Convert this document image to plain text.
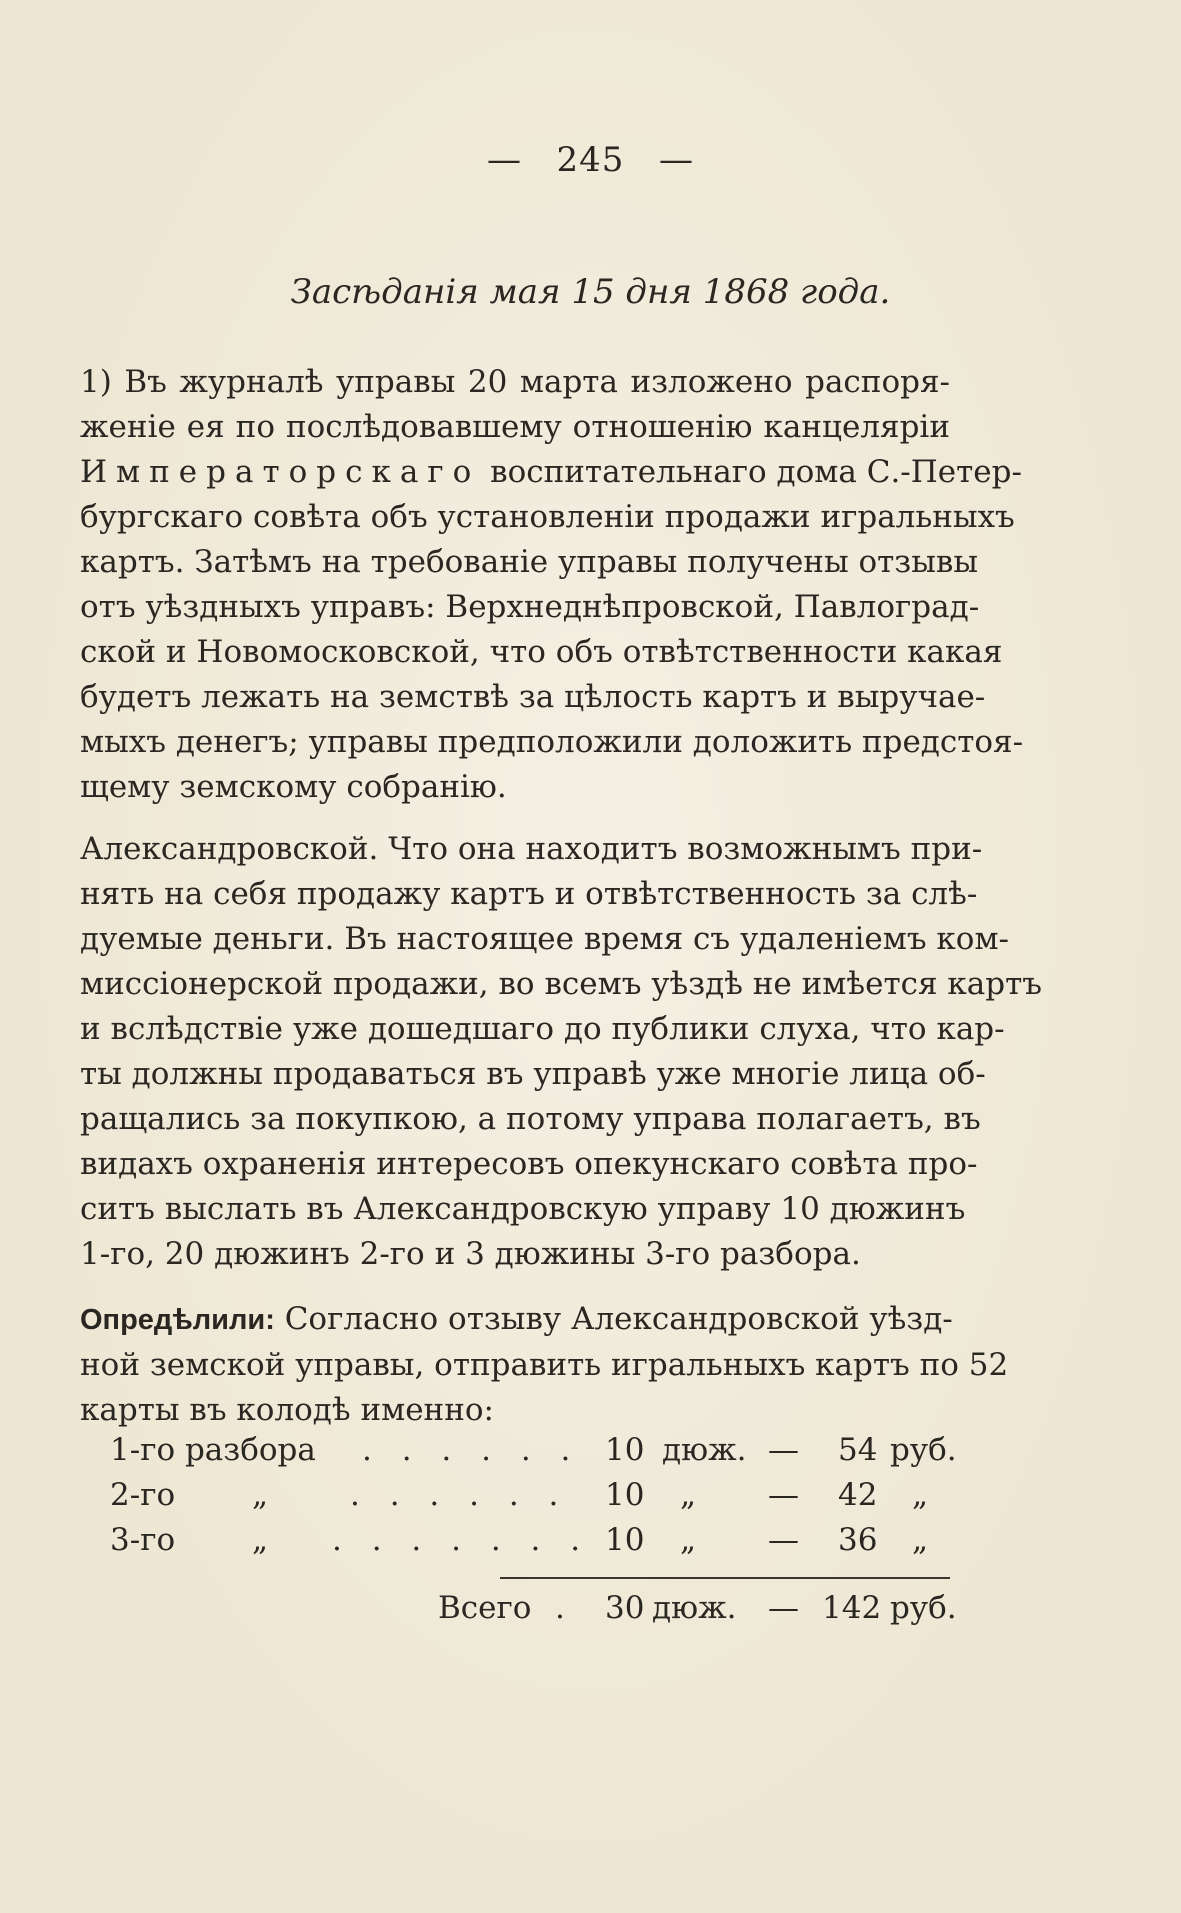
— 245 —
Засѣданія мая 15 дня 1868 года.
1) Въ журналѣ управы 20 марта изложено распоря-
женіе ея по послѣдовавшему отношенію канцеляріи
Императорскаго воспитательнаго дома С.-Петер-
бургскаго совѣта объ установленіи продажи игральныхъ
картъ. Затѣмъ на требованіе управы получены отзывы
отъ уѣздныхъ управъ: Верхнеднѣпровской, Павлоград-
ской и Новомосковской, что объ отвѣтственности какая
будетъ лежать на земствѣ за цѣлость картъ и выручае-
мыхъ денегъ; управы предположили доложить предстоя-
щему земскому собранію.
Александровской. Что она находитъ возможнымъ при-
нять на себя продажу картъ и отвѣтственность за слѣ-
дуемые деньги. Въ настоящее время съ удаленіемъ ком-
миссіонерской продажи, во всемъ уѣздѣ не имѣется картъ
и вслѣдствіе уже дошедшаго до публики слуха, что кар-
ты должны продаваться въ управѣ уже многіе лица об-
ращались за покупкою, а потому управа полагаетъ, въ
видахъ охраненія интересовъ опекунскаго совѣта про-
ситъ выслать въ Александровскую управу 10 дюжинъ
1-го, 20 дюжинъ 2-го и 3 дюжины 3-го разбора.
Опредѣлили: Согласно отзыву Александровской уѣзд-
ной земской управы, отправить игральныхъ картъ по 52
карты въ колодѣ именно:
1-го разбора . . . . . . 10 дюж. — 54 руб.
2-го „	. . . . . . 10 „ — 42 „
3-го „ . . . . . . . 10 „ — 36 „
Всего . 30 дюж. — 142 руб.
